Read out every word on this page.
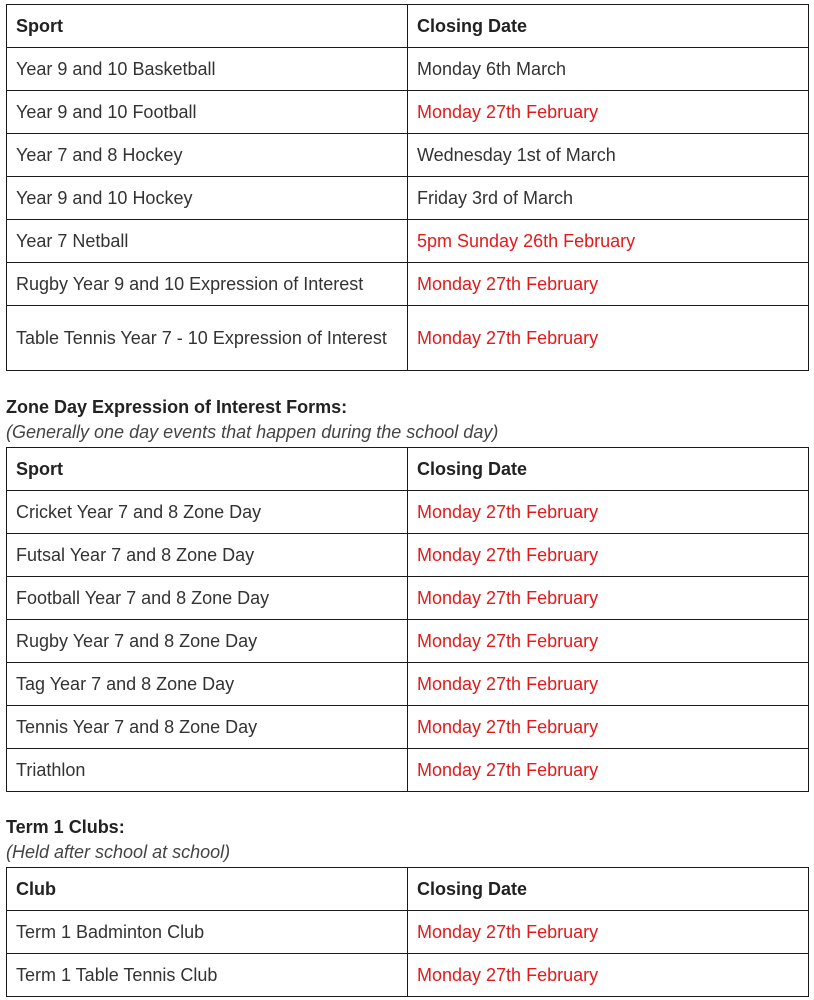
Sport	Closing Date
Year 9 and 10 Basketball	Monday 6th March
Year 9 and 10 Football	Monday 27th February
Year 7 and 8 Hockey	Wednesday 1st of March
Year 9 and 10 Hockey	Friday 3rd of March
Year 7 Netball	5pm Sunday 26th February
Rugby Year 9 and 10 Expression of Interest	Monday 27th February
Table Tennis Year 7 - 10 Expression of Interest	Monday 27th February

Zone Day Expression of Interest Forms:

(Generally one day events that happen during the school day)

Sport	Closing Date
Cricket Year 7 and 8 Zone Day	Monday 27th February
Futsal Year 7 and 8 Zone Day	Monday 27th February
Football Year 7 and 8 Zone Day	Monday 27th February
Rugby Year 7 and 8 Zone Day	Monday 27th February
Tag Year 7 and 8 Zone Day	Monday 27th February
Tennis Year 7 and 8 Zone Day	Monday 27th February
Triathlon	Monday 27th February

Term 1 Clubs:

(Held after school at school)

Club	Closing Date
Term 1 Badminton Club	Monday 27th February
Term 1 Table Tennis Club	Monday 27th February
